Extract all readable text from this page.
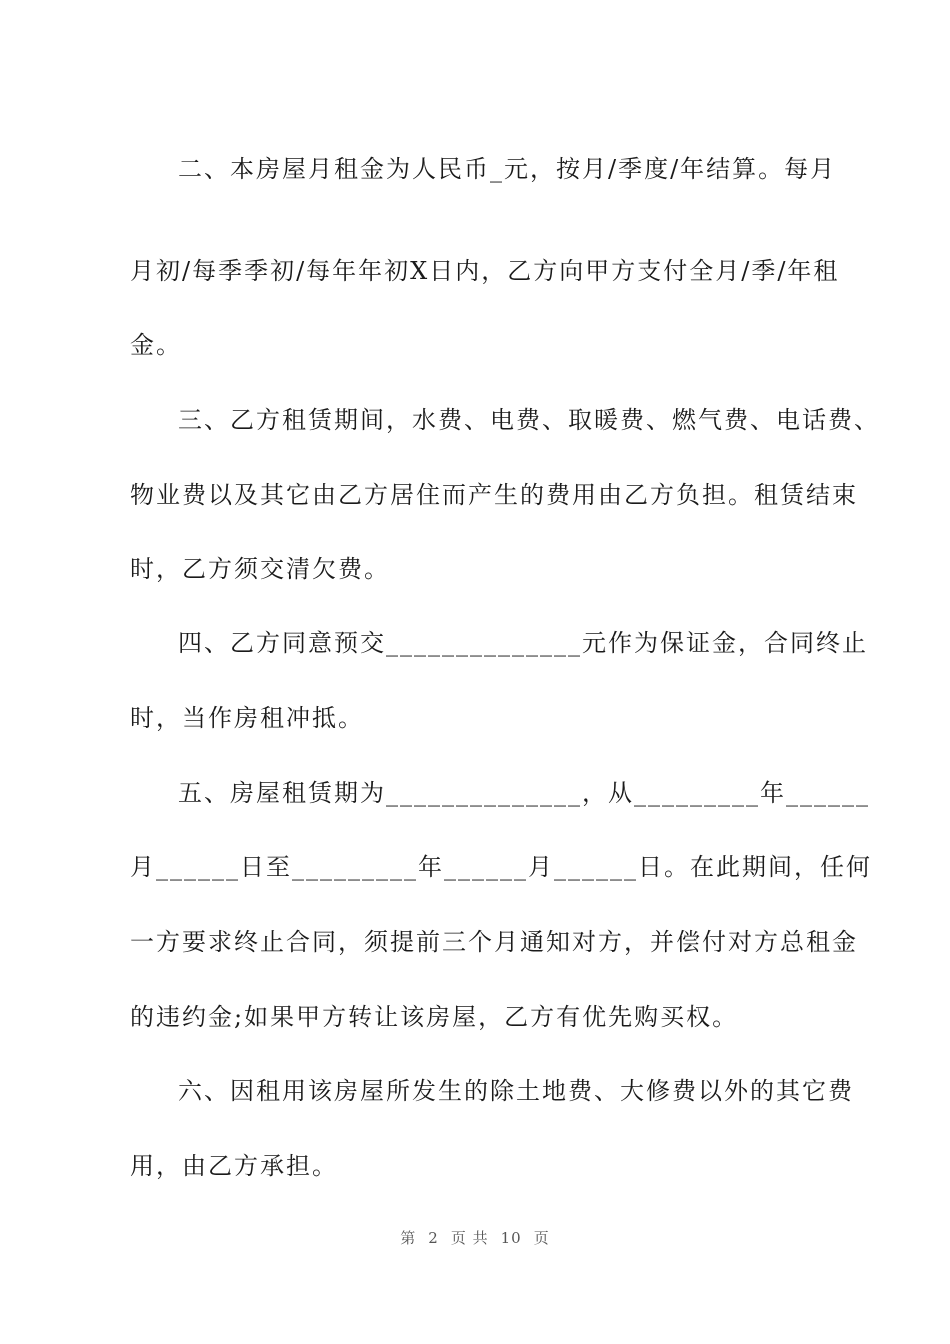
二、本房屋月租金为人民币_元，按月/季度/年结算。每月
月初/每季季初/每年年初X日内，乙方向甲方支付全月/季/年租
金。
三、乙方租赁期间，水费、电费、取暖费、燃气费、电话费、
物业费以及其它由乙方居住而产生的费用由乙方负担。租赁结束
时，乙方须交清欠费。
四、乙方同意预交______________元作为保证金，合同终止
时，当作房租冲抵。
五、房屋租赁期为______________，从_________年______
月______日至_________年______月______日。在此期间，任何
一方要求终止合同，须提前三个月通知对方，并偿付对方总租金
的违约金;如果甲方转让该房屋，乙方有优先购买权。
六、因租用该房屋所发生的除土地费、大修费以外的其它费
用，由乙方承担。
第 2 页 共 10 页
